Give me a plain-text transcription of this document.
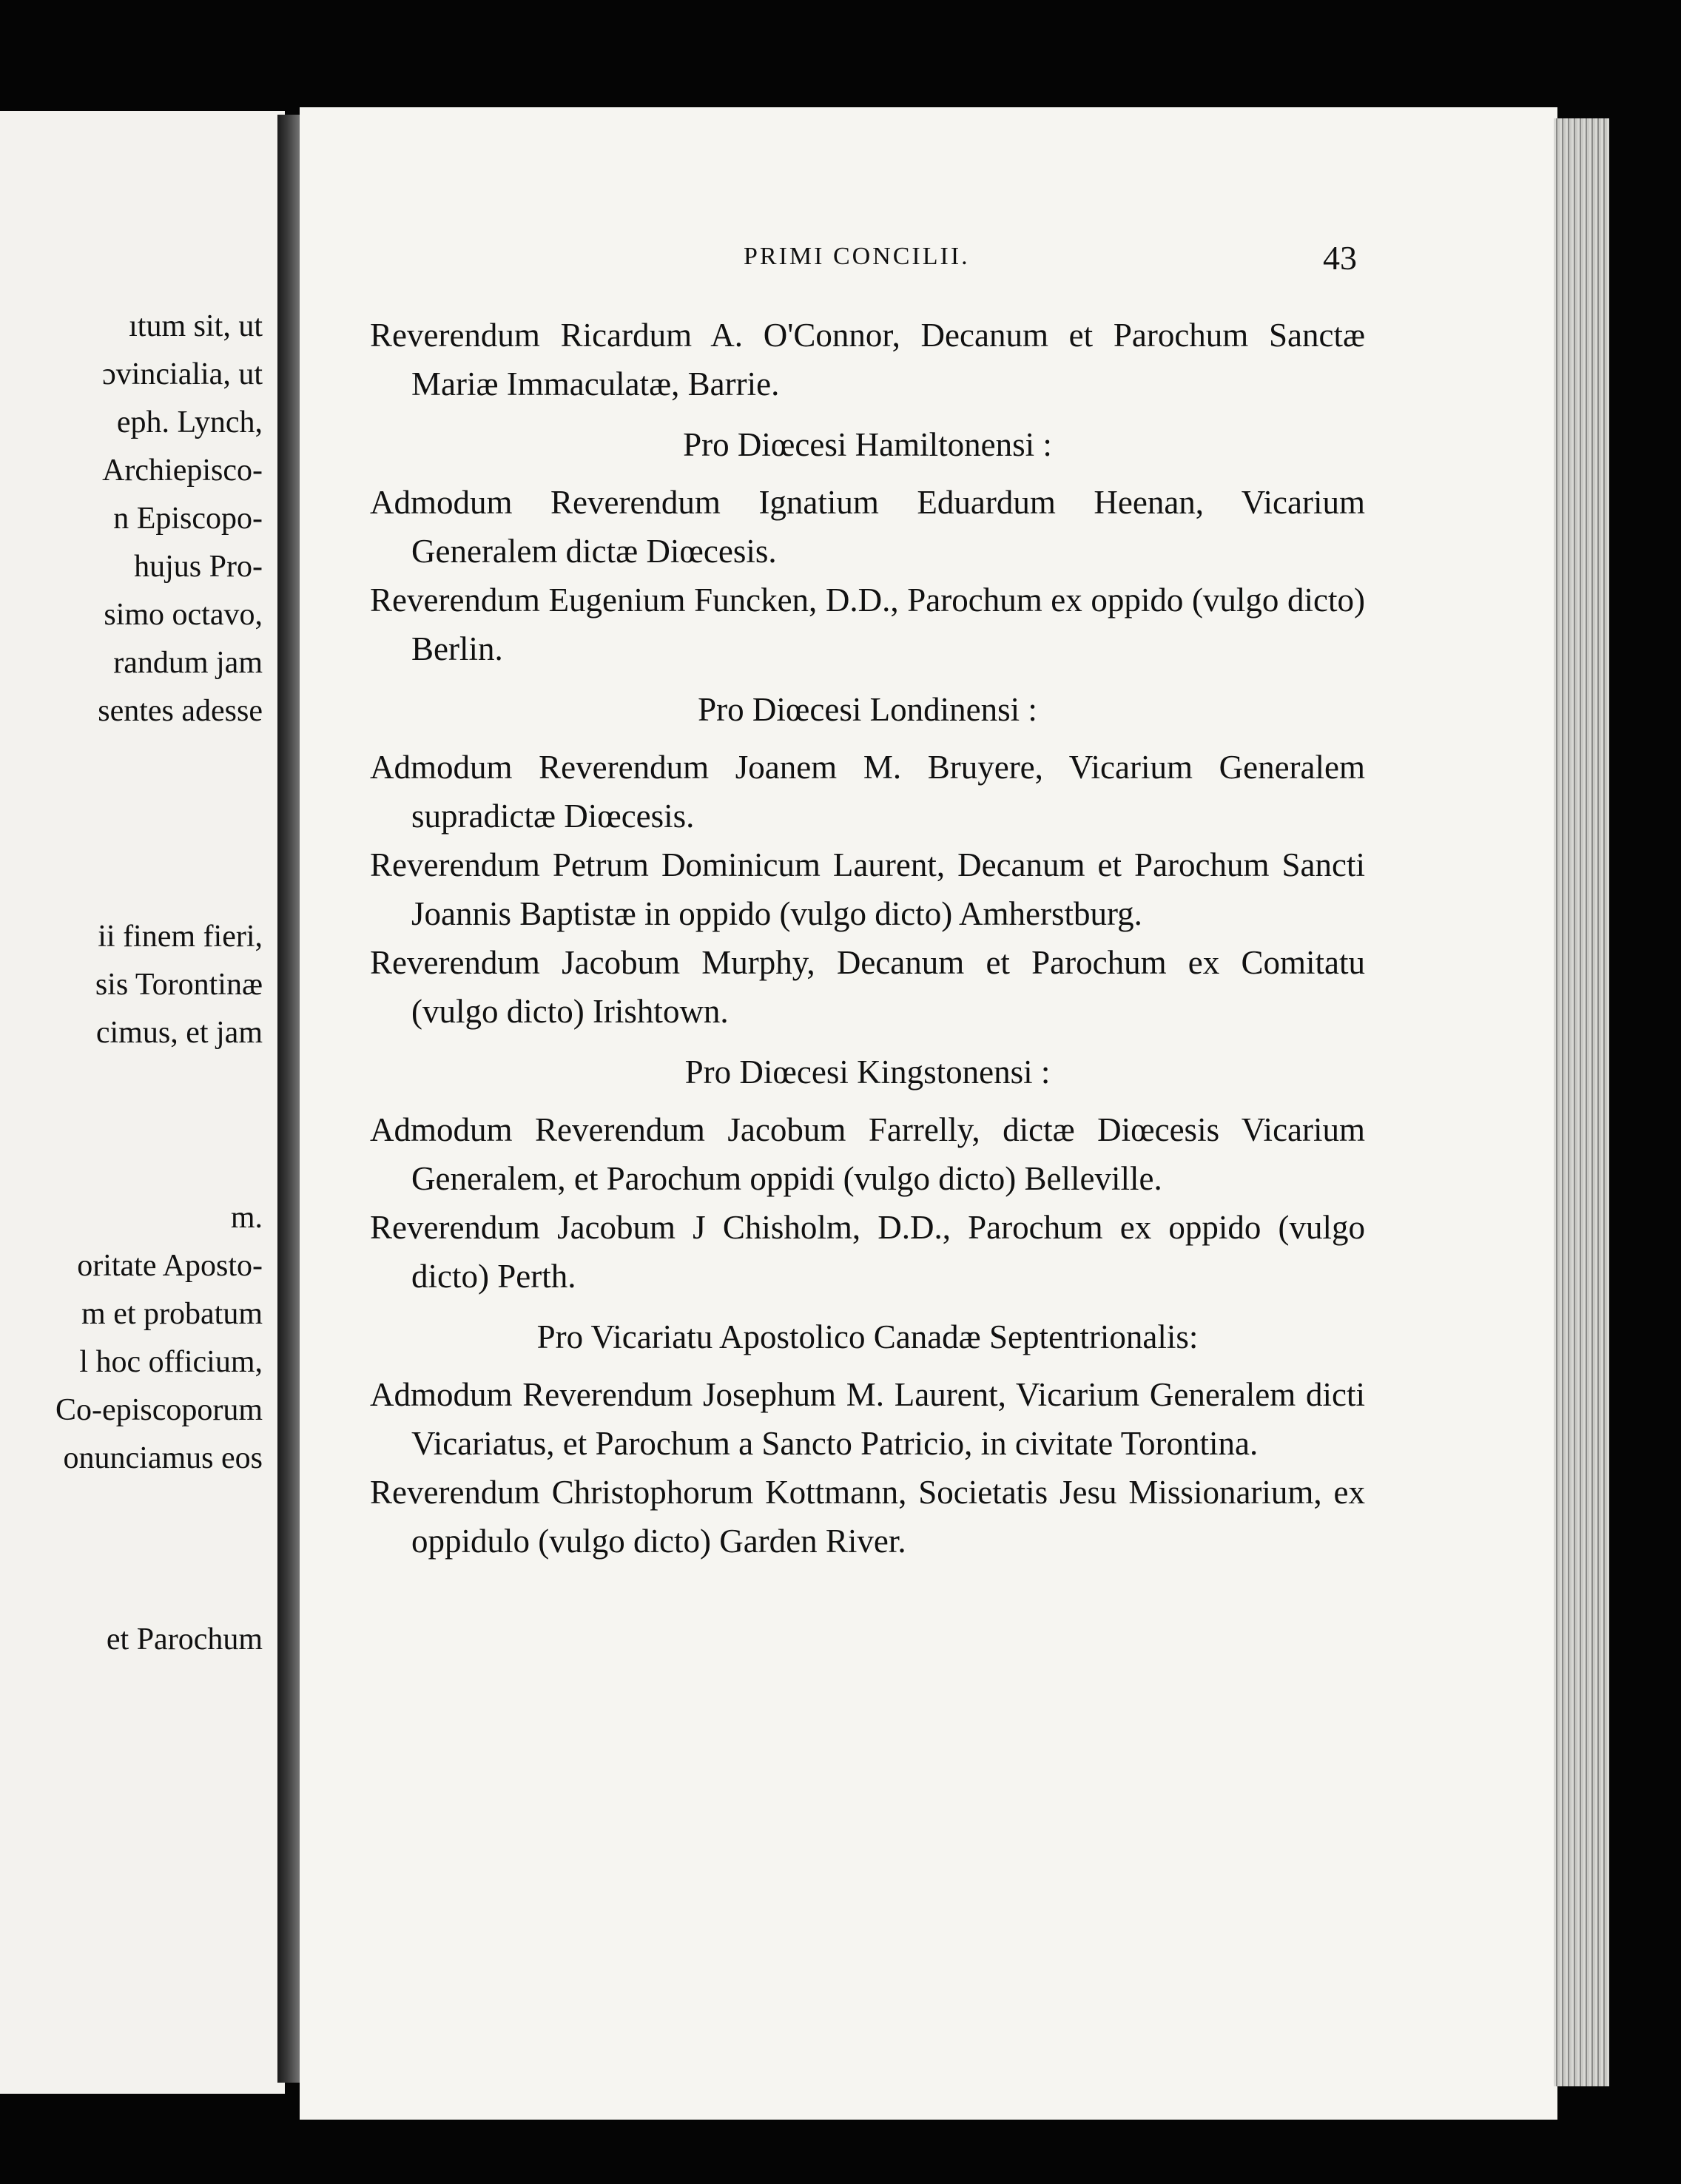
ıtum sit, ut
ɔvincialia, ut
eph. Lynch,
Archiepisco-
n Episcopo-
hujus Pro-
simo octavo,
randum jam
sentes adesse
ii finem fieri,
sis Torontinæ
cimus, et jam
m.
oritate Aposto-
m et probatum
l hoc officium,
Co-episcoporum
onunciamus eos
et Parochum
PRIMI CONCILII.	43

Reverendum Ricardum A. O'Connor, Decanum et Parochum Sanctæ Mariæ Immaculatæ, Barrie.

Pro Diœcesi Hamiltonensi :

Admodum Reverendum Ignatium Eduardum Heenan, Vicarium Generalem dictæ Diœcesis.

Reverendum Eugenium Funcken, D.D., Parochum ex oppido (vulgo dicto) Berlin.

Pro Diœcesi Londinensi :

Admodum Reverendum Joanem M. Bruyere, Vicarium Generalem supradictæ Diœcesis.

Reverendum Petrum Dominicum Laurent, Decanum et Parochum Sancti Joannis Baptistæ in oppido (vulgo dicto) Amherstburg.

Reverendum Jacobum Murphy, Decanum et Parochum ex Comitatu (vulgo dicto) Irishtown.

Pro Diœcesi Kingstonensi :

Admodum Reverendum Jacobum Farrelly, dictæ Diœcesis Vicarium Generalem, et Parochum oppidi (vulgo dicto) Belleville.

Reverendum Jacobum J Chisholm, D.D., Parochum ex oppido (vulgo dicto) Perth.

Pro Vicariatu Apostolico Canadæ Septentrionalis:

Admodum Reverendum Josephum M. Laurent, Vicarium Generalem dicti Vicariatus, et Parochum a Sancto Patricio, in civitate Torontina.

Reverendum Christophorum Kottmann, Societatis Jesu Missionarium, ex oppidulo (vulgo dicto) Garden River.
